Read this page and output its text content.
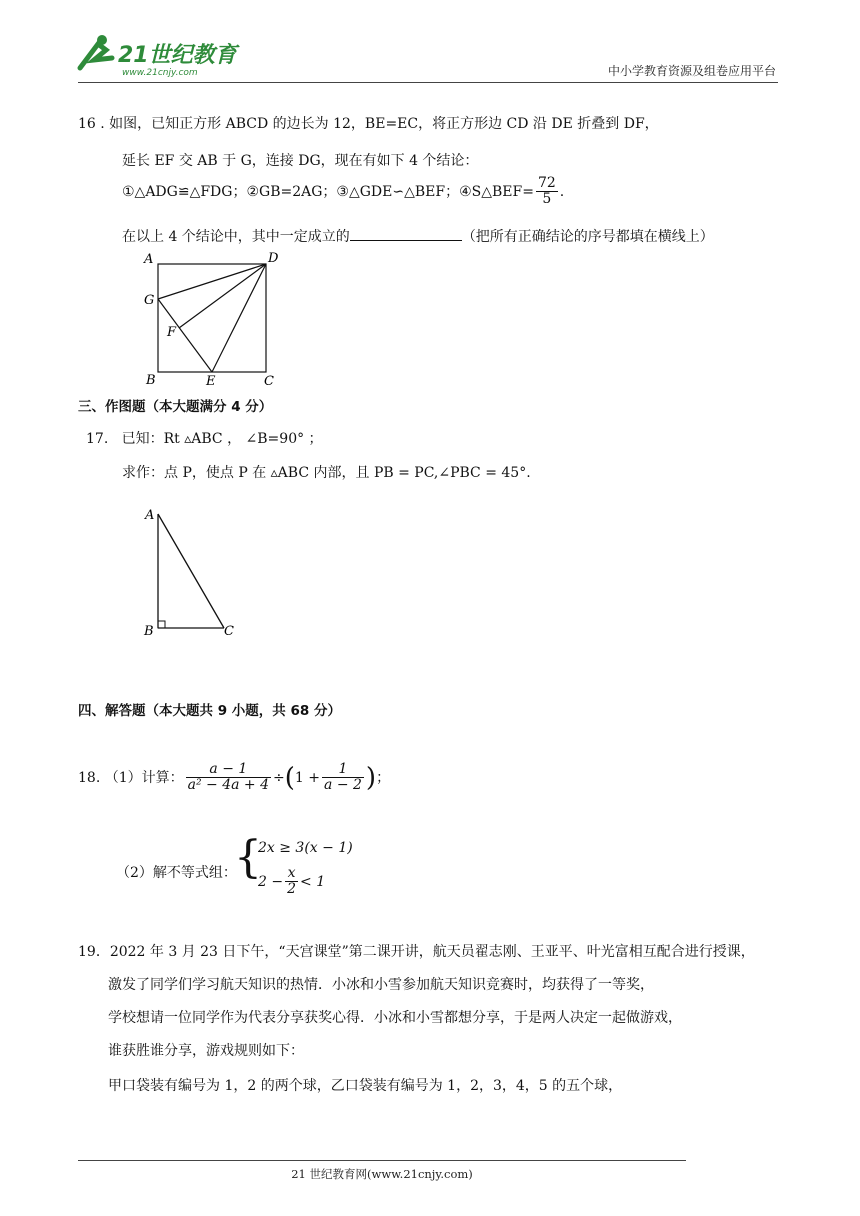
21世纪教育
www.21cnjy.com	中小学教育资源及组卷应用平台
16 . 如图，已知正方形 ABCD 的边长为 12，BE=EC，将正方形边 CD 沿 DE 折叠到 DF，
延长 EF 交 AB 于 G，连接 DG，现在有如下 4 个结论：
①△ADG≌△FDG；②GB=2AG；③△GDE∽△BEF；④S△BEF= $\frac{72}{5}$ .
在以上 4 个结论中，其中一定成立的	（把所有正确结论的序号都填在横线上）
A	D
G
F
B	E	C
三、作图题（本大题满分 4 分）
17. 已知：Rt ▵ABC ， ∠B=90° ；
求作：点 P，使点 P 在 ▵ABC 内部，且 PB = PC,∠PBC = 45°.
A
B	C
四、解答题（本大题共 9 小题，共 68 分）
18. （1）计算： $\frac{a - 1}{\text{a² − 4a + 4}} \div(1 + \frac{1}{a - 2}$ )；
（2）解不等式组：
{
2x ≥ 3(x − 1)
$2 - \frac{x}{2} < 1$
19．2022 年 3 月 23 日下午，“天宫课堂”第二课开讲，航天员翟志刚、王亚平、叶光富相互配合进行授课，
激发了同学们学习航天知识的热情．小冰和小雪参加航天知识竞赛时，均获得了一等奖，
学校想请一位同学作为代表分享获奖心得．小冰和小雪都想分享，于是两人决定一起做游戏，
谁获胜谁分享，游戏规则如下：
甲口袋装有编号为 1，2 的两个球，乙口袋装有编号为 1，2，3，4，5 的五个球，
21 世纪教育网(www.21cnjy.com)
